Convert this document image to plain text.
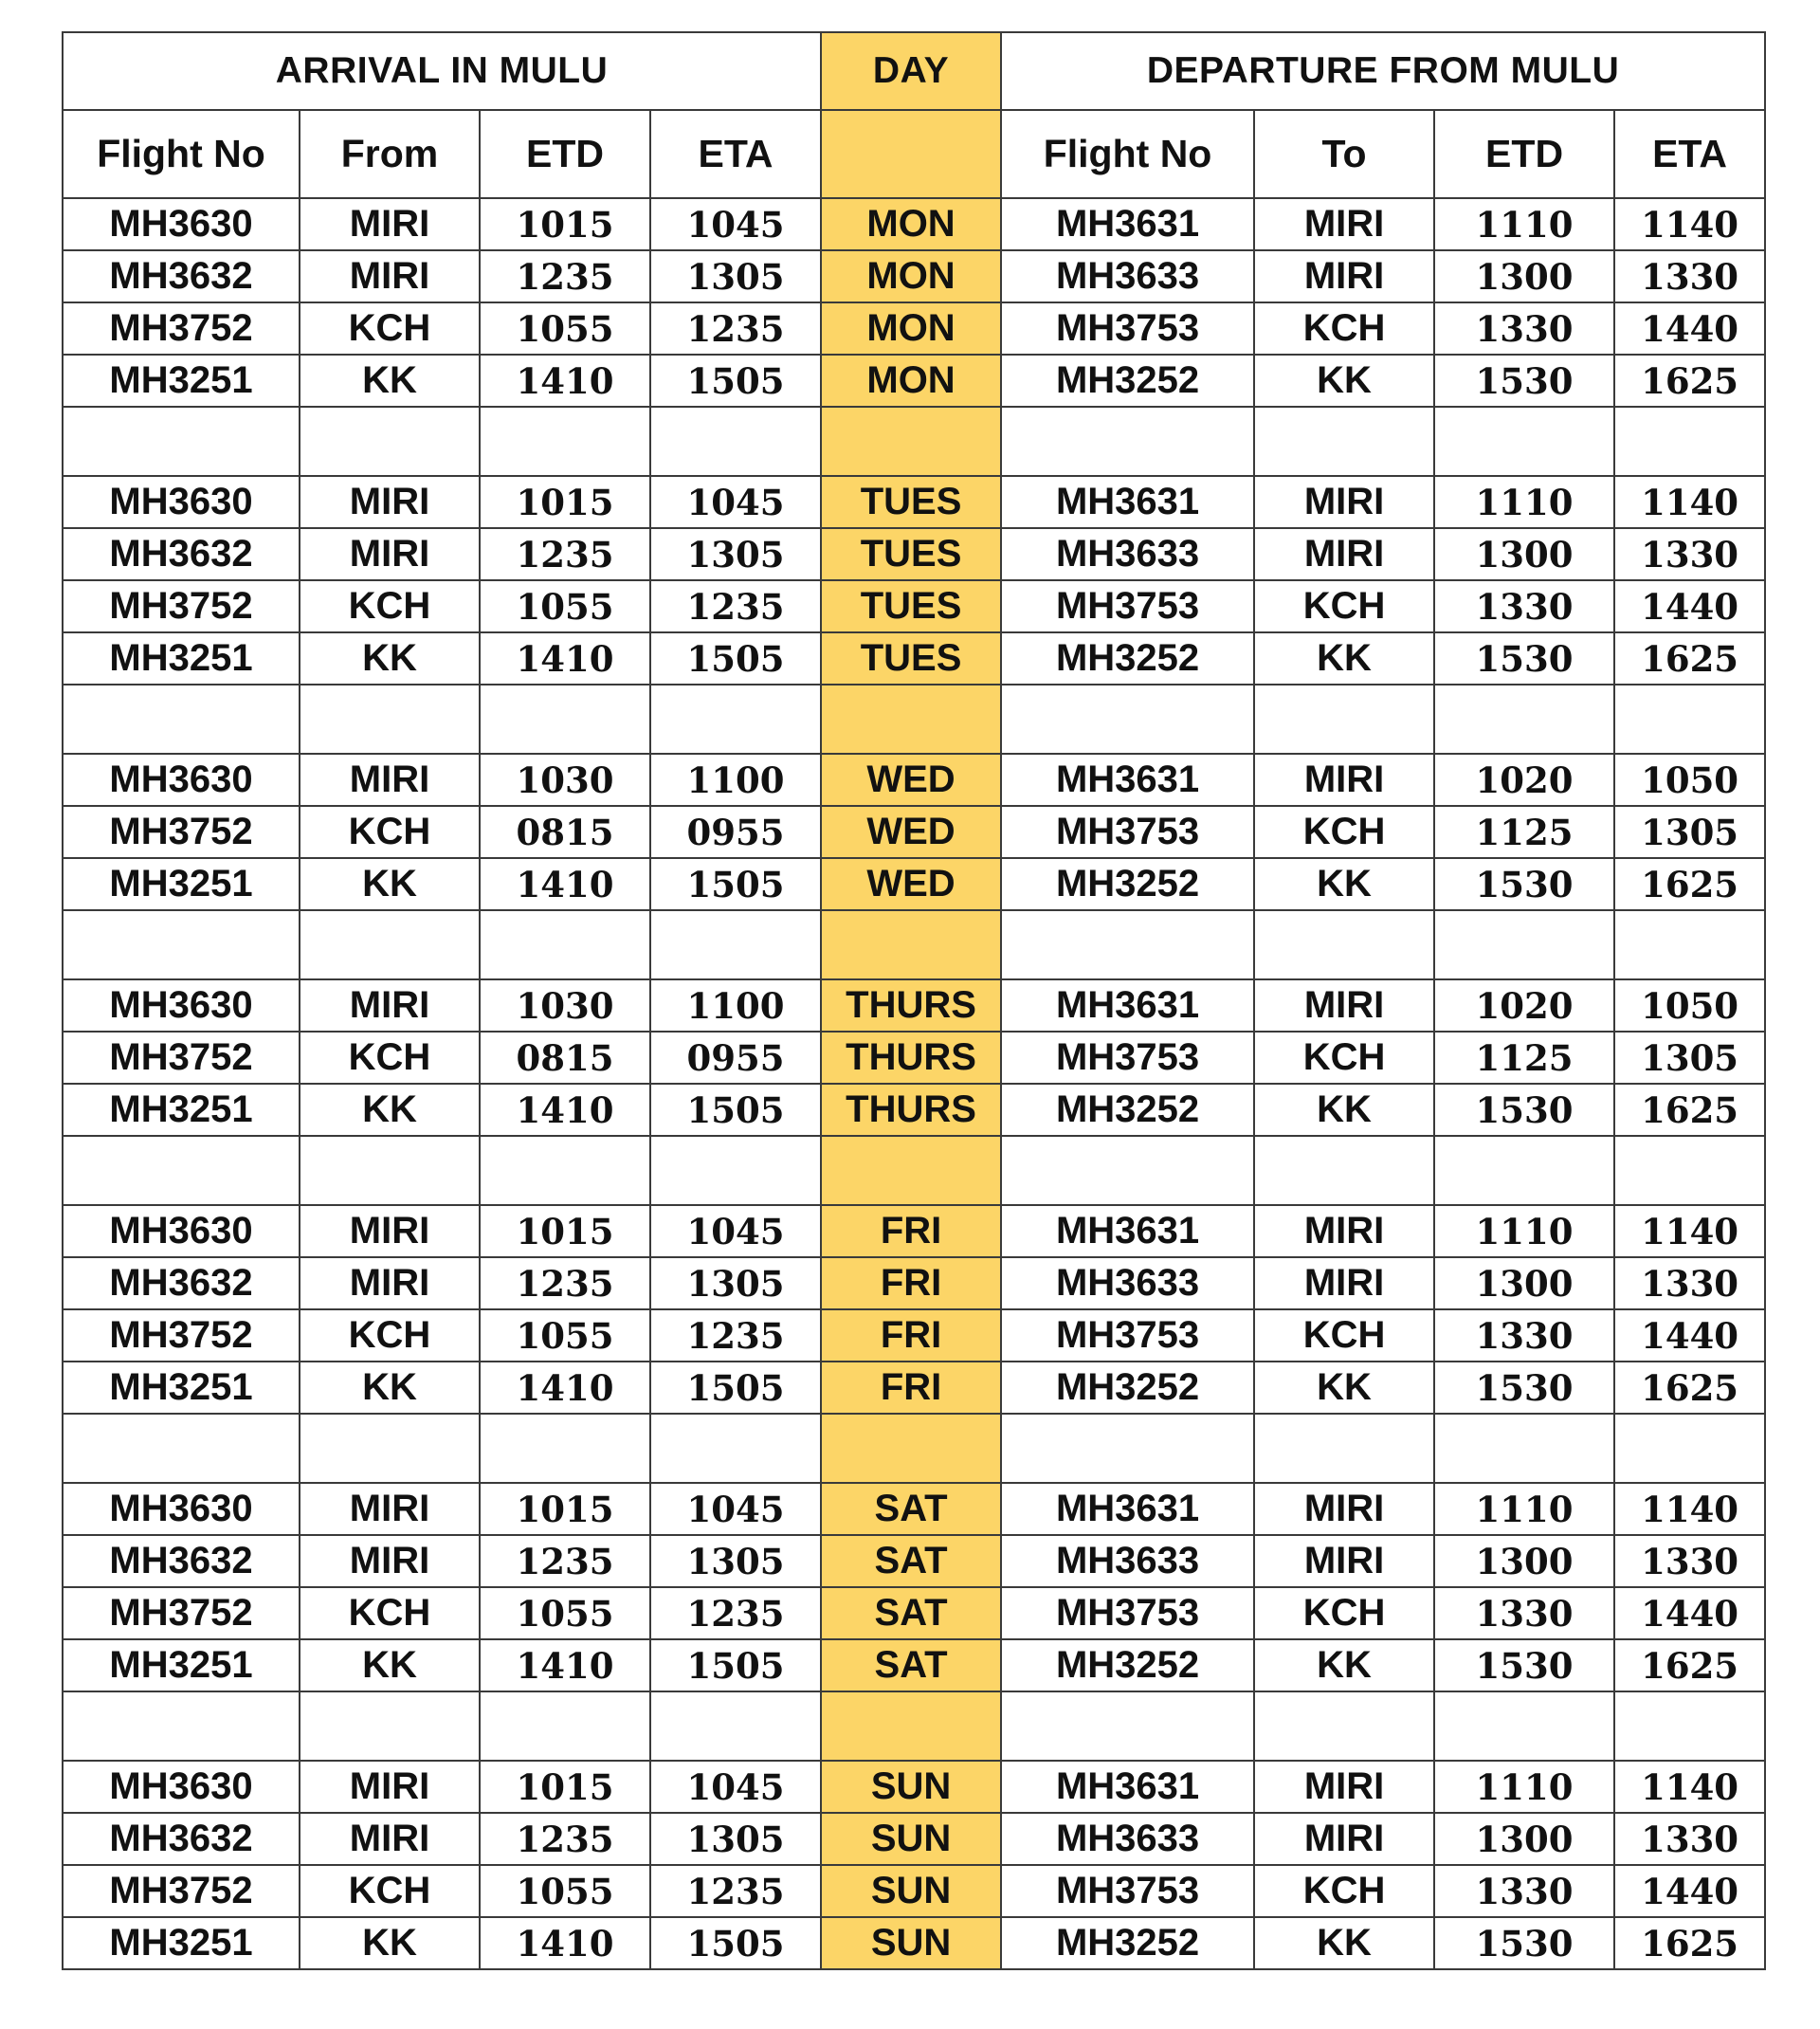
ARRIVAL IN MULU				DAY	DEPARTURE FROM MULU			
Flight No	From	ETD	ETA		Flight No	To	ETD	ETA
MH3630	MIRI	1015	1045	MON	MH3631	MIRI	1110	1140
MH3632	MIRI	1235	1305	MON	MH3633	MIRI	1300	1330
MH3752	KCH	1055	1235	MON	MH3753	KCH	1330	1440
MH3251	KK	1410	1505	MON	MH3252	KK	1530	1625

MH3630	MIRI	1015	1045	TUES	MH3631	MIRI	1110	1140
MH3632	MIRI	1235	1305	TUES	MH3633	MIRI	1300	1330
MH3752	KCH	1055	1235	TUES	MH3753	KCH	1330	1440
MH3251	KK	1410	1505	TUES	MH3252	KK	1530	1625

MH3630	MIRI	1030	1100	WED	MH3631	MIRI	1020	1050
MH3752	KCH	0815	0955	WED	MH3753	KCH	1125	1305
MH3251	KK	1410	1505	WED	MH3252	KK	1530	1625

MH3630	MIRI	1030	1100	THURS	MH3631	MIRI	1020	1050
MH3752	KCH	0815	0955	THURS	MH3753	KCH	1125	1305
MH3251	KK	1410	1505	THURS	MH3252	KK	1530	1625

MH3630	MIRI	1015	1045	FRI	MH3631	MIRI	1110	1140
MH3632	MIRI	1235	1305	FRI	MH3633	MIRI	1300	1330
MH3752	KCH	1055	1235	FRI	MH3753	KCH	1330	1440
MH3251	KK	1410	1505	FRI	MH3252	KK	1530	1625

MH3630	MIRI	1015	1045	SAT	MH3631	MIRI	1110	1140
MH3632	MIRI	1235	1305	SAT	MH3633	MIRI	1300	1330
MH3752	KCH	1055	1235	SAT	MH3753	KCH	1330	1440
MH3251	KK	1410	1505	SAT	MH3252	KK	1530	1625

MH3630	MIRI	1015	1045	SUN	MH3631	MIRI	1110	1140
MH3632	MIRI	1235	1305	SUN	MH3633	MIRI	1300	1330
MH3752	KCH	1055	1235	SUN	MH3753	KCH	1330	1440
MH3251	KK	1410	1505	SUN	MH3252	KK	1530	1625
